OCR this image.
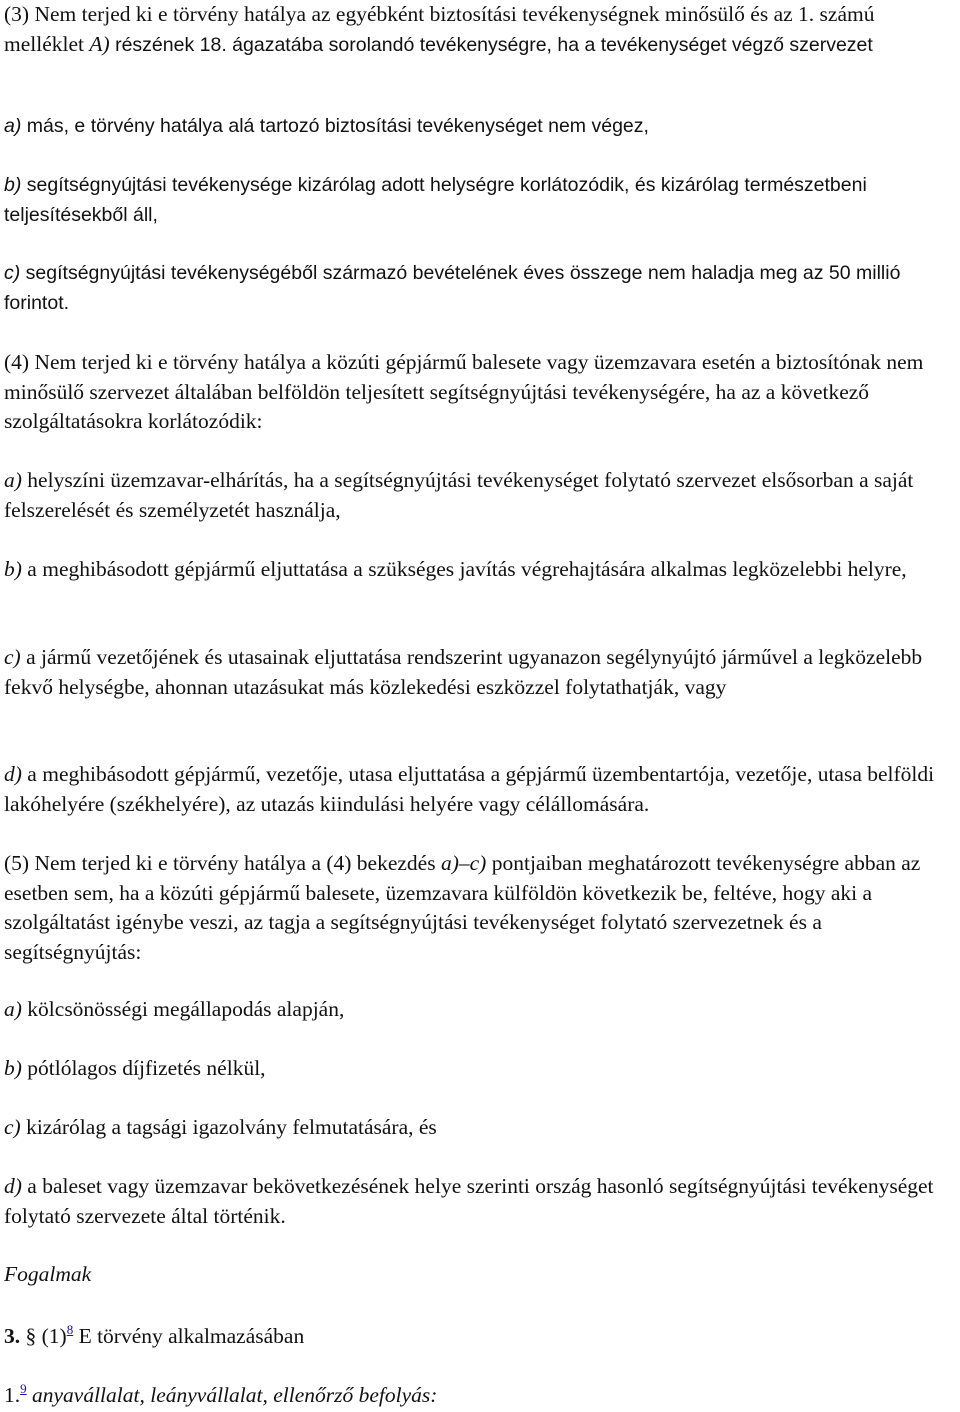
(3) Nem terjed ki e törvény hatálya az egyébként biztosítási tevékenységnek minősülő és az 1. számú melléklet A) részének 18. ágazatába sorolandó tevékenységre, ha a tevékenységet végző szervezet

a) más, e törvény hatálya alá tartozó biztosítási tevékenységet nem végez,

b) segítségnyújtási tevékenysége kizárólag adott helységre korlátozódik, és kizárólag természetbeni teljesítésekből áll,

c) segítségnyújtási tevékenységéből származó bevételének éves összege nem haladja meg az 50 millió forintot.

(4) Nem terjed ki e törvény hatálya a közúti gépjármű balesete vagy üzemzavara esetén a biztosítónak nem minősülő szervezet általában belföldön teljesített segítségnyújtási tevékenységére, ha az a következő szolgáltatásokra korlátozódik:

a) helyszíni üzemzavar-elhárítás, ha a segítségnyújtási tevékenységet folytató szervezet elsősorban a saját felszerelését és személyzetét használja,

b) a meghibásodott gépjármű eljuttatása a szükséges javítás végrehajtására alkalmas legközelebbi helyre,

c) a jármű vezetőjének és utasainak eljuttatása rendszerint ugyanazon segélynyújtó járművel a legközelebb fekvő helységbe, ahonnan utazásukat más közlekedési eszközzel folytathatják, vagy

d) a meghibásodott gépjármű, vezetője, utasa eljuttatása a gépjármű üzembentartója, vezetője, utasa belföldi lakóhelyére (székhelyére), az utazás kiindulási helyére vagy célállomására.

(5) Nem terjed ki e törvény hatálya a (4) bekezdés a)–c) pontjaiban meghatározott tevékenységre abban az esetben sem, ha a közúti gépjármű balesete, üzemzavara külföldön következik be, feltéve, hogy aki a szolgáltatást igénybe veszi, az tagja a segítségnyújtási tevékenységet folytató szervezetnek és a segítségnyújtás:

a) kölcsönösségi megállapodás alapján,

b) pótlólagos díjfizetés nélkül,

c) kizárólag a tagsági igazolvány felmutatására, és

d) a baleset vagy üzemzavar bekövetkezésének helye szerinti ország hasonló segítségnyújtási tevékenységet folytató szervezete által történik.

Fogalmak

3. § (1)$^8$ E törvény alkalmazásában

1.$^9$ anyavállalat, leányvállalat, ellenőrző befolyás:
